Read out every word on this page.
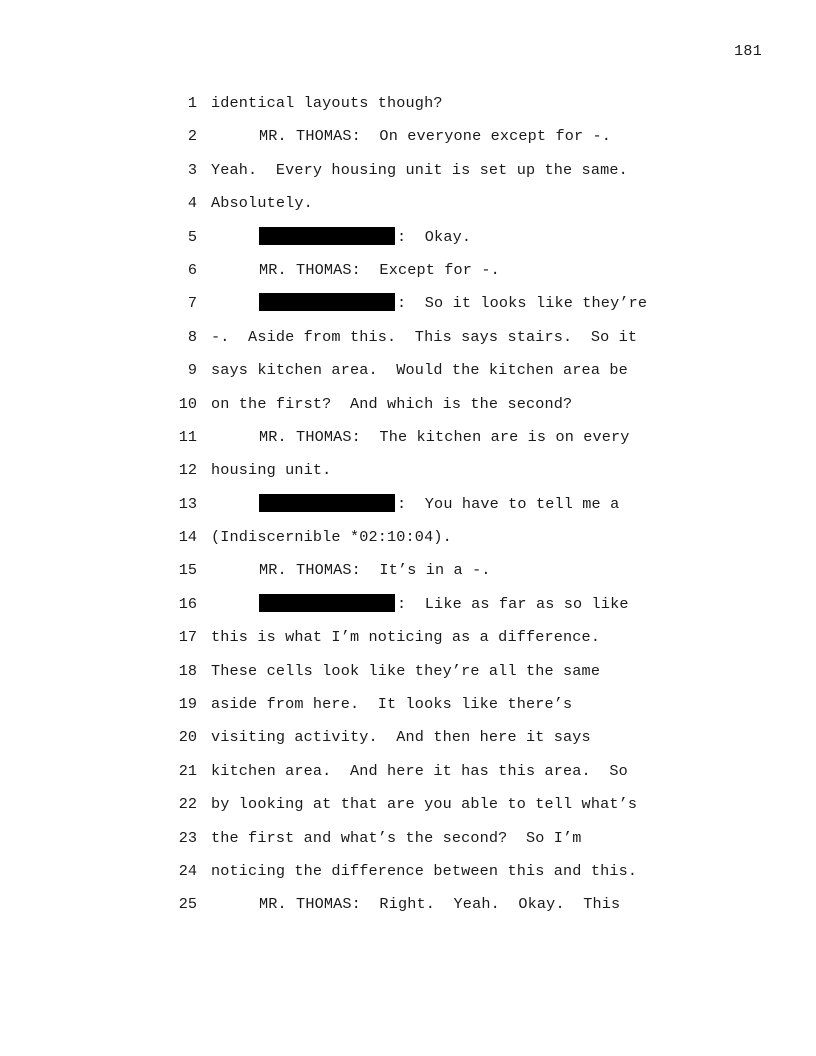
181
1 identical layouts though?
2	MR. THOMAS:  On everyone except for -.
3 Yeah.  Every housing unit is set up the same.
4 Absolutely.
5	:  Okay.
6	MR. THOMAS:  Except for -.
7	:  So it looks like they’re
8 -.  Aside from this.  This says stairs.  So it
9 says kitchen area.  Would the kitchen area be
10 on the first?  And which is the second?
11	MR. THOMAS:  The kitchen are is on every
12 housing unit.
13	:  You have to tell me a
14 (Indiscernible *02:10:04).
15	MR. THOMAS:  It’s in a -.
16	:  Like as far as so like
17 this is what I’m noticing as a difference.
18 These cells look like they’re all the same
19 aside from here.  It looks like there’s
20 visiting activity.  And then here it says
21 kitchen area.  And here it has this area.  So
22 by looking at that are you able to tell what’s
23 the first and what’s the second?  So I’m
24 noticing the difference between this and this.
25	MR. THOMAS:  Right.  Yeah.  Okay.  This
